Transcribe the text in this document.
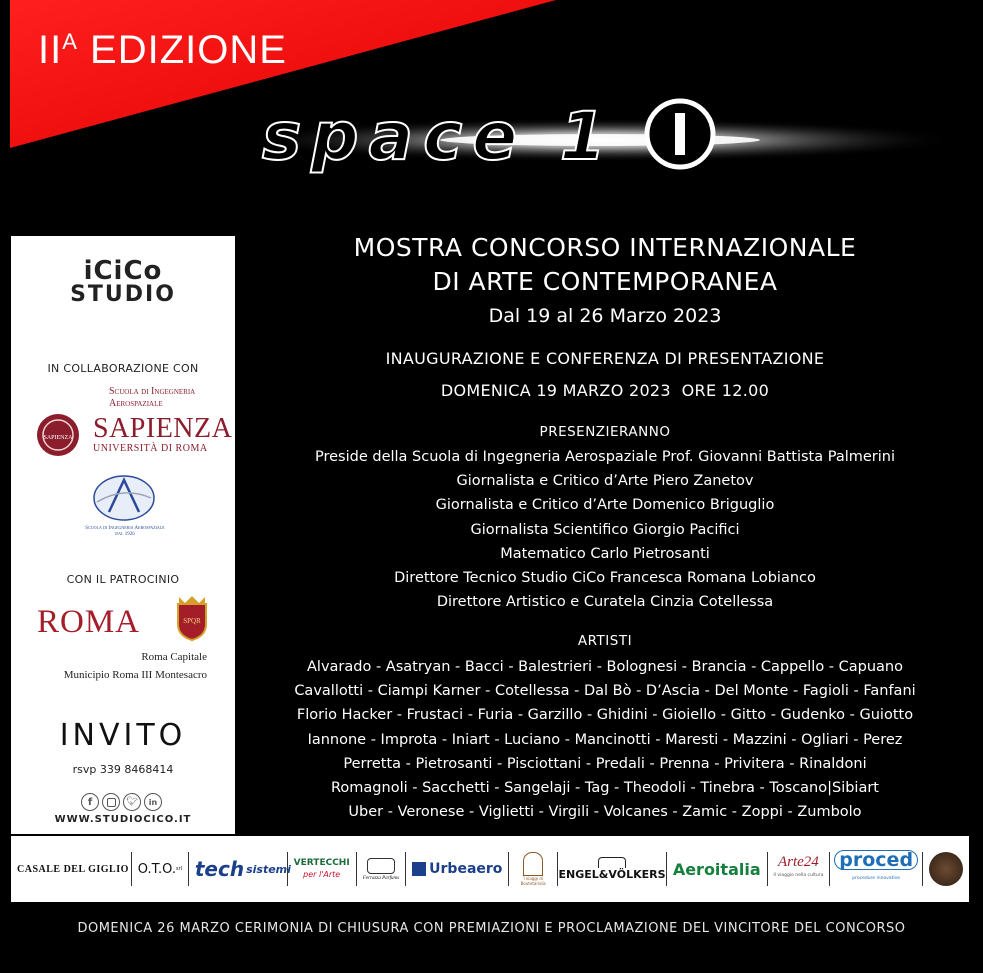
$II^A$ EDIZIONE
space 1
iCiCo
STUDIO
IN COLLABORAZIONE CON
Scuola di Ingegneria
Aerospaziale
SAPIENZA SAPIENZA
UNIVERSITÀ DI ROMA
Scuola di Ingegneria Aerospaziale
dal 1926
CON IL PATROCINIO
ROMA	SPQR
Roma Capitale
Municipio Roma III Montesacro
INVITO
rsvp 339 8468414
f	🐦︎	in
WWW.STUDIOCICO.IT
MOSTRA CONCORSO INTERNAZIONALE
DI ARTE CONTEMPORANEA
Dal 19 al 26 Marzo 2023
INAUGURAZIONE E CONFERENZA DI PRESENTAZIONE
DOMENICA 19 MARZO 2023  ORE 12.00
PRESENZIERANNO
Preside della Scuola di Ingegneria Aerospaziale Prof. Giovanni Battista Palmerini
Giornalista e Critico d’Arte Piero Zanetov
Giornalista e Critico d’Arte Domenico Briguglio
Giornalista Scientifico Giorgio Pacifici
Matematico Carlo Pietrosanti
Direttore Tecnico Studio CiCo Francesca Romana Lobianco
Direttore Artistico e Curatela Cinzia Cotellessa
ARTISTI
Alvarado - Asatryan - Bacci - Balestrieri - Bolognesi - Brancia - Cappello - Capuano
Cavallotti - Ciampi Karner - Cotellessa - Dal Bò - D’Ascia - Del Monte - Fagioli - Fanfani
Florio Hacker - Frustaci - Furia - Garzillo - Ghidini - Gioiello - Gitto - Gudenko - Guiotto
Iannone - Improta - Iniart - Luciano - Mancinotti - Maresti - Mazzini - Ogliari - Perez
Perretta - Pietrosanti - Pisciottani - Predali - Prenna - Privitera - Rinaldoni
Romagnoli - Sacchetti - Sangelaji - Tag - Theodoli - Tinebra - Toscano|Sibiart
Uber - Veronese - Viglietti - Virgili - Volcanes - Zamic - Zoppi - Zumbolo
CASALE DEL GIGLIO O.T.O. srl tech sistemi VERTECCHI
per l'Arte	Ferrazza Parfums
Urbeaero
I viaggi di Boutetarialis
ENGEL&VÖLKERS Aeroitalia Arte24
Il viaggio nella cultura
proced
procedure innovative
DOMENICA 26 MARZO CERIMONIA DI CHIUSURA CON PREMIAZIONI E PROCLAMAZIONE DEL VINCITORE DEL CONCORSO
